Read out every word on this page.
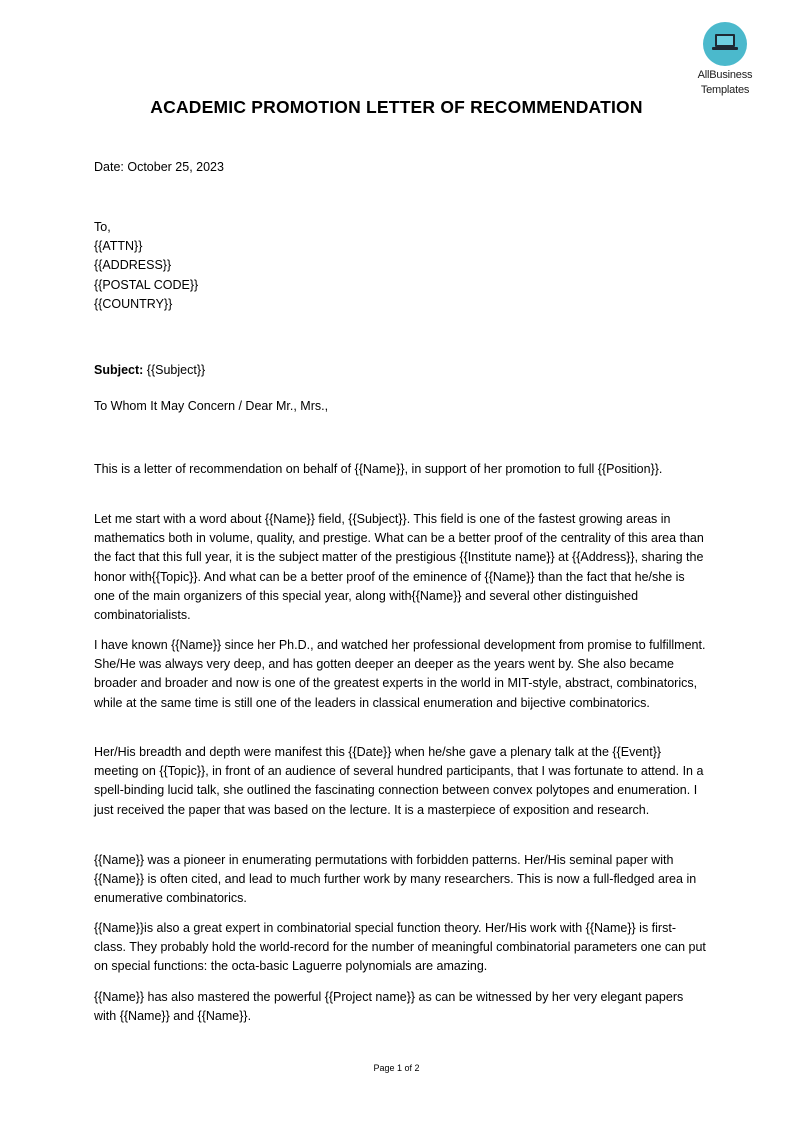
AllBusiness
Templates
ACADEMIC PROMOTION LETTER OF RECOMMENDATION
Date: October 25, 2023
To,
{{ATTN}}
{{ADDRESS}}
{{POSTAL CODE}}
{{COUNTRY}}
Subject: {{Subject}}
To Whom It May Concern / Dear Mr., Mrs.,
This is a letter of recommendation on behalf of {{Name}}, in support of her promotion to full {{Position}}.
Let me start with a word about {{Name}} field, {{Subject}}. This field is one of the fastest growing areas in mathematics both in volume, quality, and prestige. What can be a better proof of the centrality of this area than the fact that this full year, it is the subject matter of the prestigious {{Institute name}} at {{Address}}, sharing the honor with{{Topic}}. And what can be a better proof of the eminence of {{Name}} than the fact that he/she is one of the main organizers of this special year, along with{{Name}} and several other distinguished combinatorialists.
I have known {{Name}} since her Ph.D., and watched her professional development from promise to fulfillment. She/He was always very deep, and has gotten deeper an deeper as the years went by. She also became broader and broader and now is one of the greatest experts in the world in MIT-style, abstract, combinatorics, while at the same time is still one of the leaders in classical enumeration and bijective combinatorics.
Her/His breadth and depth were manifest this {{Date}} when he/she gave a plenary talk at the {{Event}} meeting on {{Topic}}, in front of an audience of several hundred participants, that I was fortunate to attend. In a spell-binding lucid talk, she outlined the fascinating connection between convex polytopes and enumeration. I just received the paper that was based on the lecture. It is a masterpiece of exposition and research.
{{Name}} was a pioneer in enumerating permutations with forbidden patterns. Her/His seminal paper with {{Name}} is often cited, and lead to much further work by many researchers. This is now a full-fledged area in enumerative combinatorics.
{{Name}}is also a great expert in combinatorial special function theory. Her/His work with {{Name}} is first-class. They probably hold the world-record for the number of meaningful combinatorial parameters one can put on special functions: the octa-basic Laguerre polynomials are amazing.
{{Name}} has also mastered the powerful {{Project name}} as can be witnessed by her very elegant papers with {{Name}} and {{Name}}.
Page 1 of 2
